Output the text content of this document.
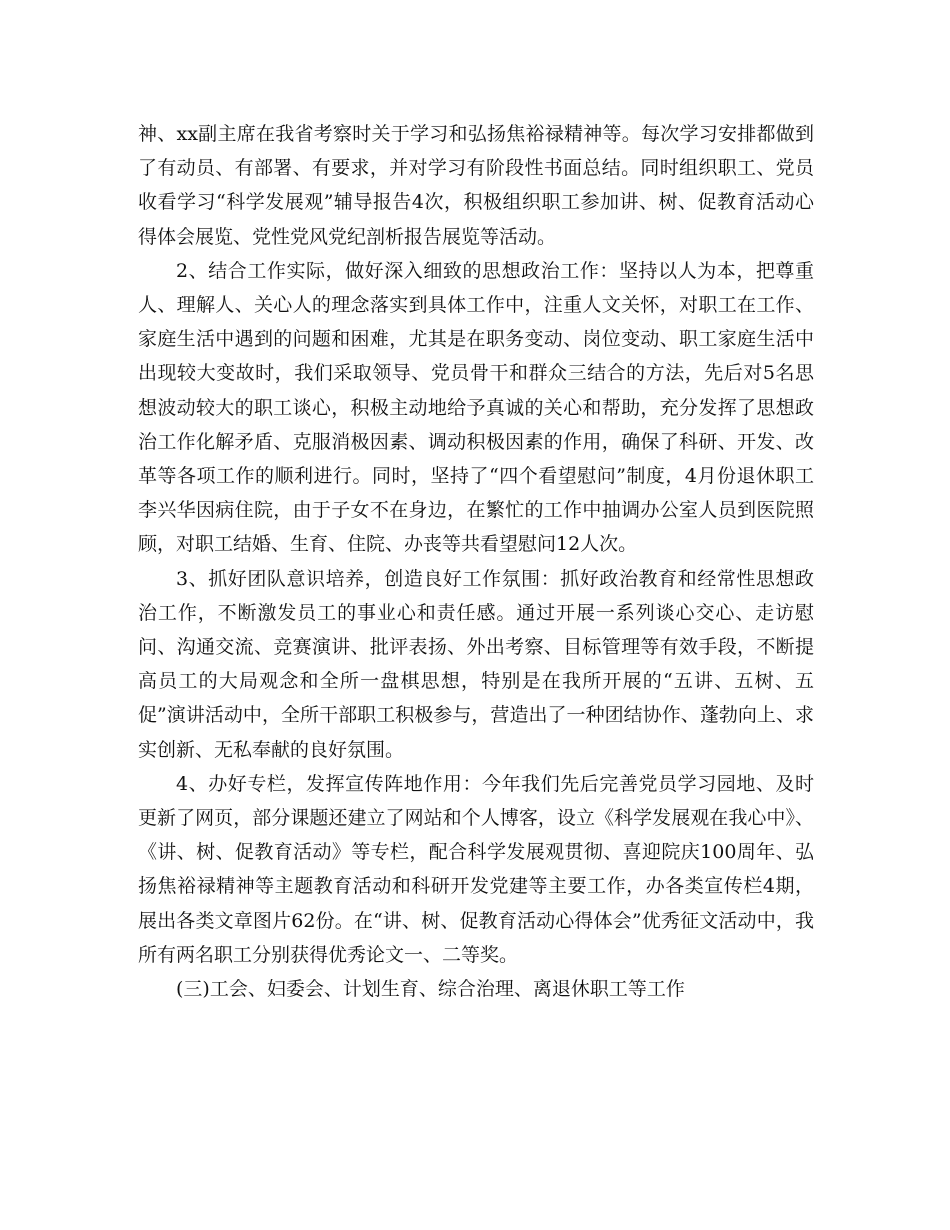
神、xx副主席在我省考察时关于学习和弘扬焦裕禄精神等。每次学习安排都做到了有动员、有部署、有要求，并对学习有阶段性书面总结。同时组织职工、党员收看学习“科学发展观”辅导报告4次，积极组织职工参加讲、树、促教育活动心得体会展览、党性党风党纪剖析报告展览等活动。

2、结合工作实际，做好深入细致的思想政治工作：坚持以人为本，把尊重人、理解人、关心人的理念落实到具体工作中，注重人文关怀，对职工在工作、家庭生活中遇到的问题和困难，尤其是在职务变动、岗位变动、职工家庭生活中出现较大变故时，我们采取领导、党员骨干和群众三结合的方法，先后对5名思想波动较大的职工谈心，积极主动地给予真诚的关心和帮助，充分发挥了思想政治工作化解矛盾、克服消极因素、调动积极因素的作用，确保了科研、开发、改革等各项工作的顺利进行。同时，坚持了“四个看望慰问”制度，4月份退休职工李兴华因病住院，由于子女不在身边，在繁忙的工作中抽调办公室人员到医院照顾，对职工结婚、生育、住院、办丧等共看望慰问12人次。

3、抓好团队意识培养，创造良好工作氛围：抓好政治教育和经常性思想政治工作，不断激发员工的事业心和责任感。通过开展一系列谈心交心、走访慰问、沟通交流、竞赛演讲、批评表扬、外出考察、目标管理等有效手段，不断提高员工的大局观念和全所一盘棋思想，特别是在我所开展的“五讲、五树、五促”演讲活动中，全所干部职工积极参与，营造出了一种团结协作、蓬勃向上、求实创新、无私奉献的良好氛围。

4、办好专栏，发挥宣传阵地作用：今年我们先后完善党员学习园地、及时更新了网页，部分课题还建立了网站和个人博客，设立《科学发展观在我心中》、《讲、树、促教育活动》等专栏，配合科学发展观贯彻、喜迎院庆100周年、弘扬焦裕禄精神等主题教育活动和科研开发党建等主要工作，办各类宣传栏4期，展出各类文章图片62份。在“讲、树、促教育活动心得体会”优秀征文活动中，我所有两名职工分别获得优秀论文一、二等奖。

(三)工会、妇委会、计划生育、综合治理、离退休职工等工作
